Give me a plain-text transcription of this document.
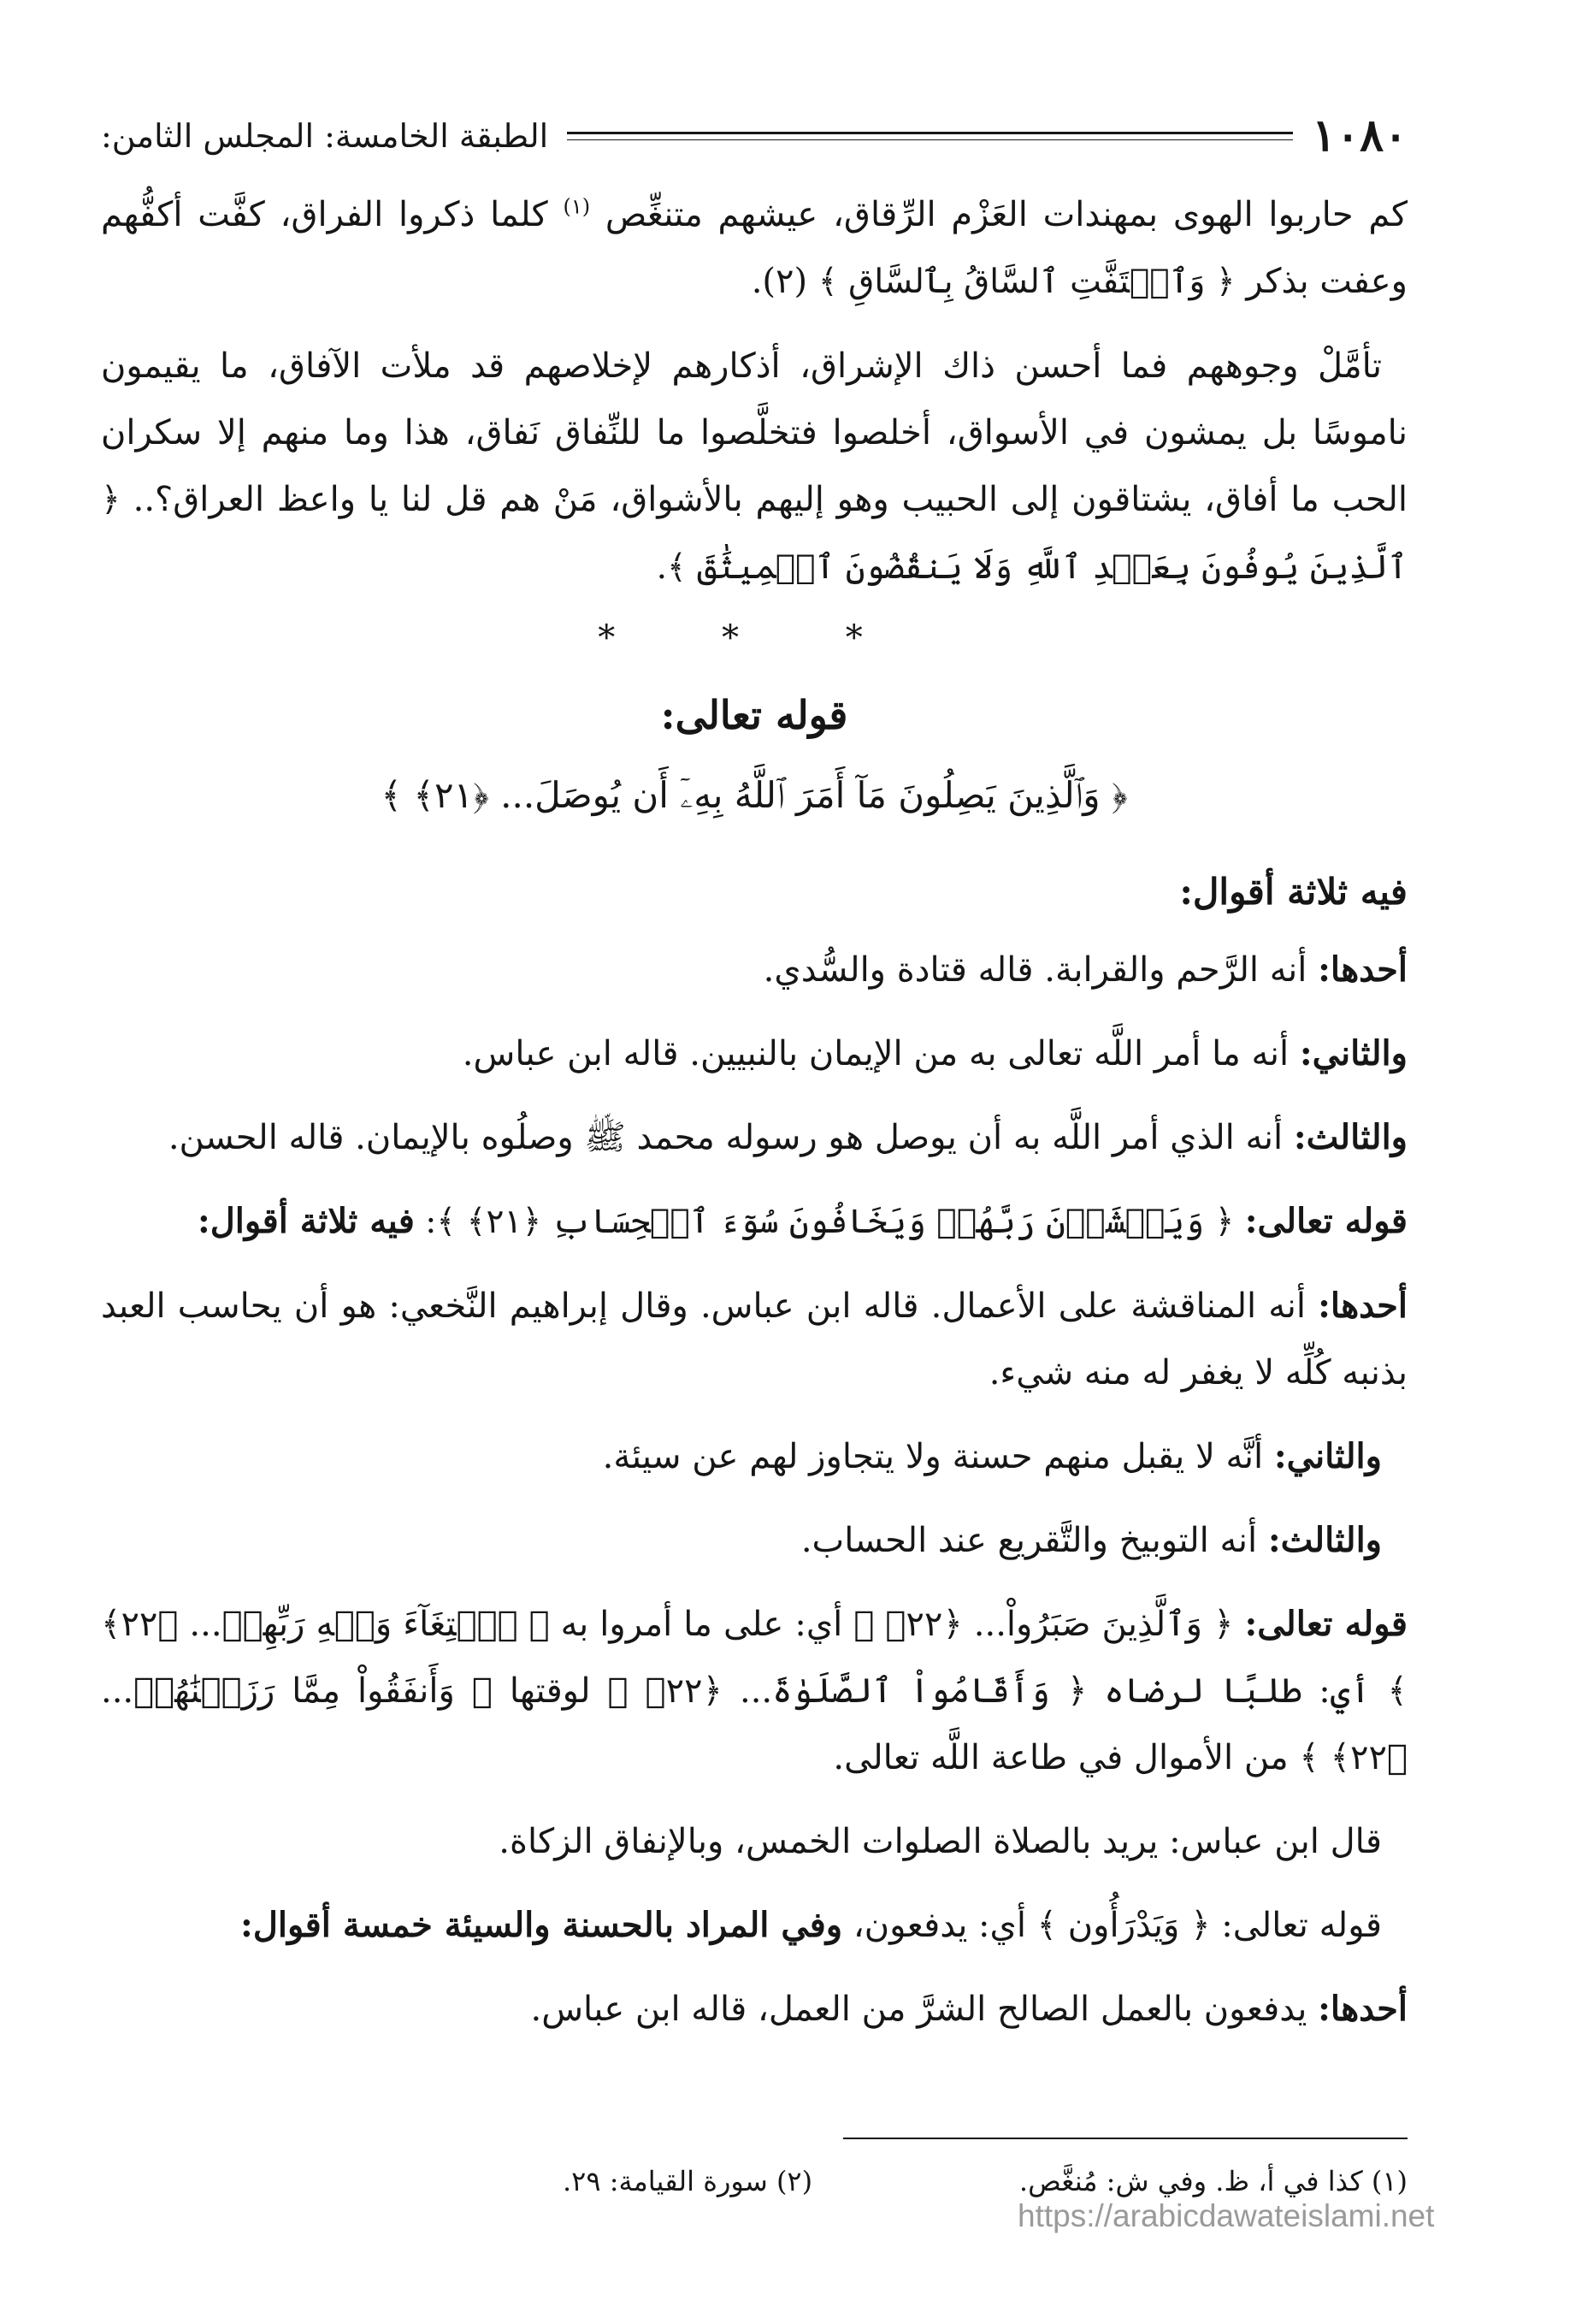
١٠٨٠
الطبقة الخامسة: المجلس الثامن:

كم حاربوا الهوى بمهندات العَزْم الرِّقاق، عيشهم متنغِّص $^{(١)}$ كلما ذكروا الفراق، كفَّت أكفُّهم وعفت بذكر ﴿ وَٱلۡتَفَّتِ ٱلسَّاقُ بِٱلسَّاقِ ﴾ (٢).

تأمَّلْ وجوههم فما أحسن ذاك الإشراق، أذكارهم لإخلاصهم قد ملأت الآفاق، ما يقيمون ناموسًا بل يمشون في الأسواق، أخلصوا فتخلَّصوا ما للنِّفاق نَفاق، هذا وما منهم إلا سكران الحب ما أفاق، يشتاقون إلى الحبيب وهو إليهم بالأشواق، مَنْ هم قل لنا يا واعظ العراق؟.. ﴿ ٱلَّذِينَ يُوفُونَ بِعَهۡدِ ٱللَّهِ وَلَا يَنقُضُونَ ٱلۡمِيثَٰقَ ﴾.

* * *
قوله تعالى:
﴿ وَٱلَّذِينَ يَصِلُونَ مَآ أَمَرَ ٱللَّهُ بِهِۦٓ أَن يُوصَلَ... ﴿٢١﴾ ﴾
فيه ثلاثة أقوال:

أحدها: أنه الرَّحم والقرابة. قاله قتادة والسُّدي.

والثاني: أنه ما أمر اللَّه تعالى به من الإيمان بالنبيين. قاله ابن عباس.

والثالث: أنه الذي أمر اللَّه به أن يوصل هو رسوله محمد ﷺ وصلُوه بالإيمان. قاله الحسن.

قوله تعالى: ﴿ وَيَخۡشَوۡنَ رَبَّهُمۡ وَيَخَافُونَ سُوٓءَ ٱلۡحِسَابِ ﴿٢١﴾ ﴾: فيه ثلاثة أقوال:

أحدها: أنه المناقشة على الأعمال. قاله ابن عباس. وقال إبراهيم النَّخعي: هو أن يحاسب العبد بذنبه كُلِّه لا يغفر له منه شيء.

والثاني: أنَّه لا يقبل منهم حسنة ولا يتجاوز لهم عن سيئة.

والثالث: أنه التوبيخ والتَّقريع عند الحساب.

قوله تعالى: ﴿ وَٱلَّذِينَ صَبَرُواْ... ﴿٢٢﴾ ﴾ أي: على ما أمروا به ﴿ ٱبۡتِغَآءَ وَجۡهِ رَبِّهِمۡ... ﴿٢٢﴾ ﴾ أي: طلبًا لرضاه ﴿ وَأَقَامُواْ ٱلصَّلَوٰةَ... ﴿٢٢﴾ ﴾ لوقتها ﴿ وَأَنفَقُواْ مِمَّا رَزَقۡنَٰهُمۡ... ﴿٢٢﴾ ﴾ من الأموال في طاعة اللَّه تعالى.

قال ابن عباس: يريد بالصلاة الصلوات الخمس، وبالإنفاق الزكاة.

قوله تعالى: ﴿ وَيَدْرَأُون ﴾ أي: يدفعون، وفي المراد بالحسنة والسيئة خمسة أقوال:

أحدها: يدفعون بالعمل الصالح الشرَّ من العمل، قاله ابن عباس.

(١) كذا في أ، ظ. وفي ش: مُنغَّص.
(٢) سورة القيامة: ٢٩.
https://arabicdawateislami.net
